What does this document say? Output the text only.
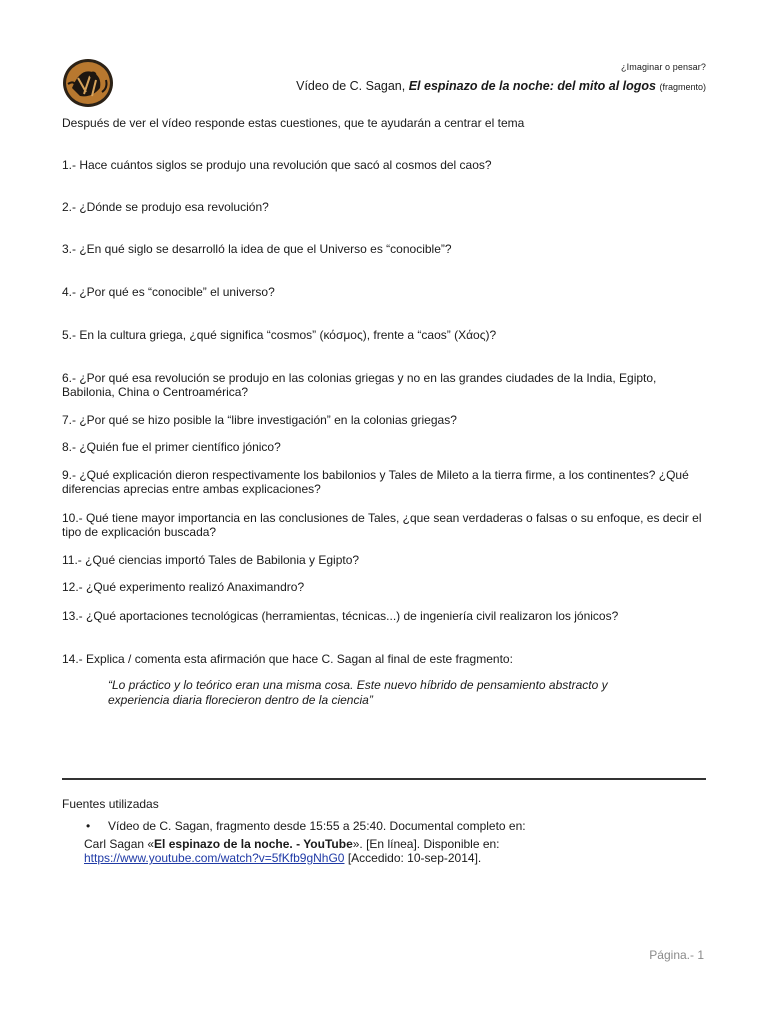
¿Imaginar o pensar?
Vídeo de C. Sagan, El espinazo de la noche: del mito al logos (fragmento)
Después de ver el vídeo responde estas cuestiones, que te ayudarán a centrar el tema
1.- Hace cuántos siglos se produjo una revolución que sacó al cosmos del caos?
2.- ¿Dónde se produjo esa revolución?
3.- ¿En qué siglo se desarrolló la idea de que el Universo es “conocible”?
4.- ¿Por qué es “conocible” el universo?
5.- En la cultura griega, ¿qué significa “cosmos” (κόσμος), frente a “caos” (Χάος)?
6.- ¿Por qué esa revolución se produjo en las colonias griegas y no en las grandes ciudades de la India, Egipto, Babilonia, China o Centroamérica?
7.- ¿Por qué se hizo posible la “libre investigación” en la colonias griegas?
8.- ¿Quién fue el primer científico jónico?
9.- ¿Qué explicación dieron respectivamente los babilonios y Tales de Mileto a la tierra firme, a los continentes? ¿Qué diferencias aprecias entre ambas explicaciones?
10.- Qué tiene mayor importancia en las conclusiones de Tales, ¿que sean verdaderas o falsas o su enfoque, es decir el tipo de explicación buscada?
11.- ¿Qué ciencias importó Tales de Babilonia y Egipto?
12.- ¿Qué experimento realizó Anaximandro?
13.- ¿Qué aportaciones tecnológicas (herramientas, técnicas...) de ingeniería civil realizaron los jónicos?
14.- Explica / comenta esta afirmación que hace C. Sagan al final de este fragmento:
“Lo práctico y lo teórico eran una misma cosa. Este nuevo híbrido de pensamiento abstracto y experiencia diaria florecieron dentro de la ciencia”
Fuentes utilizadas
• Vídeo de C. Sagan, fragmento desde 15:55 a 25:40. Documental completo en:
Carl Sagan «El espinazo de la noche. - YouTube». [En línea]. Disponible en:
https://www.youtube.com/watch?v=5fKfb9gNhG0 [Accedido: 10-sep-2014].
Página.- 1
